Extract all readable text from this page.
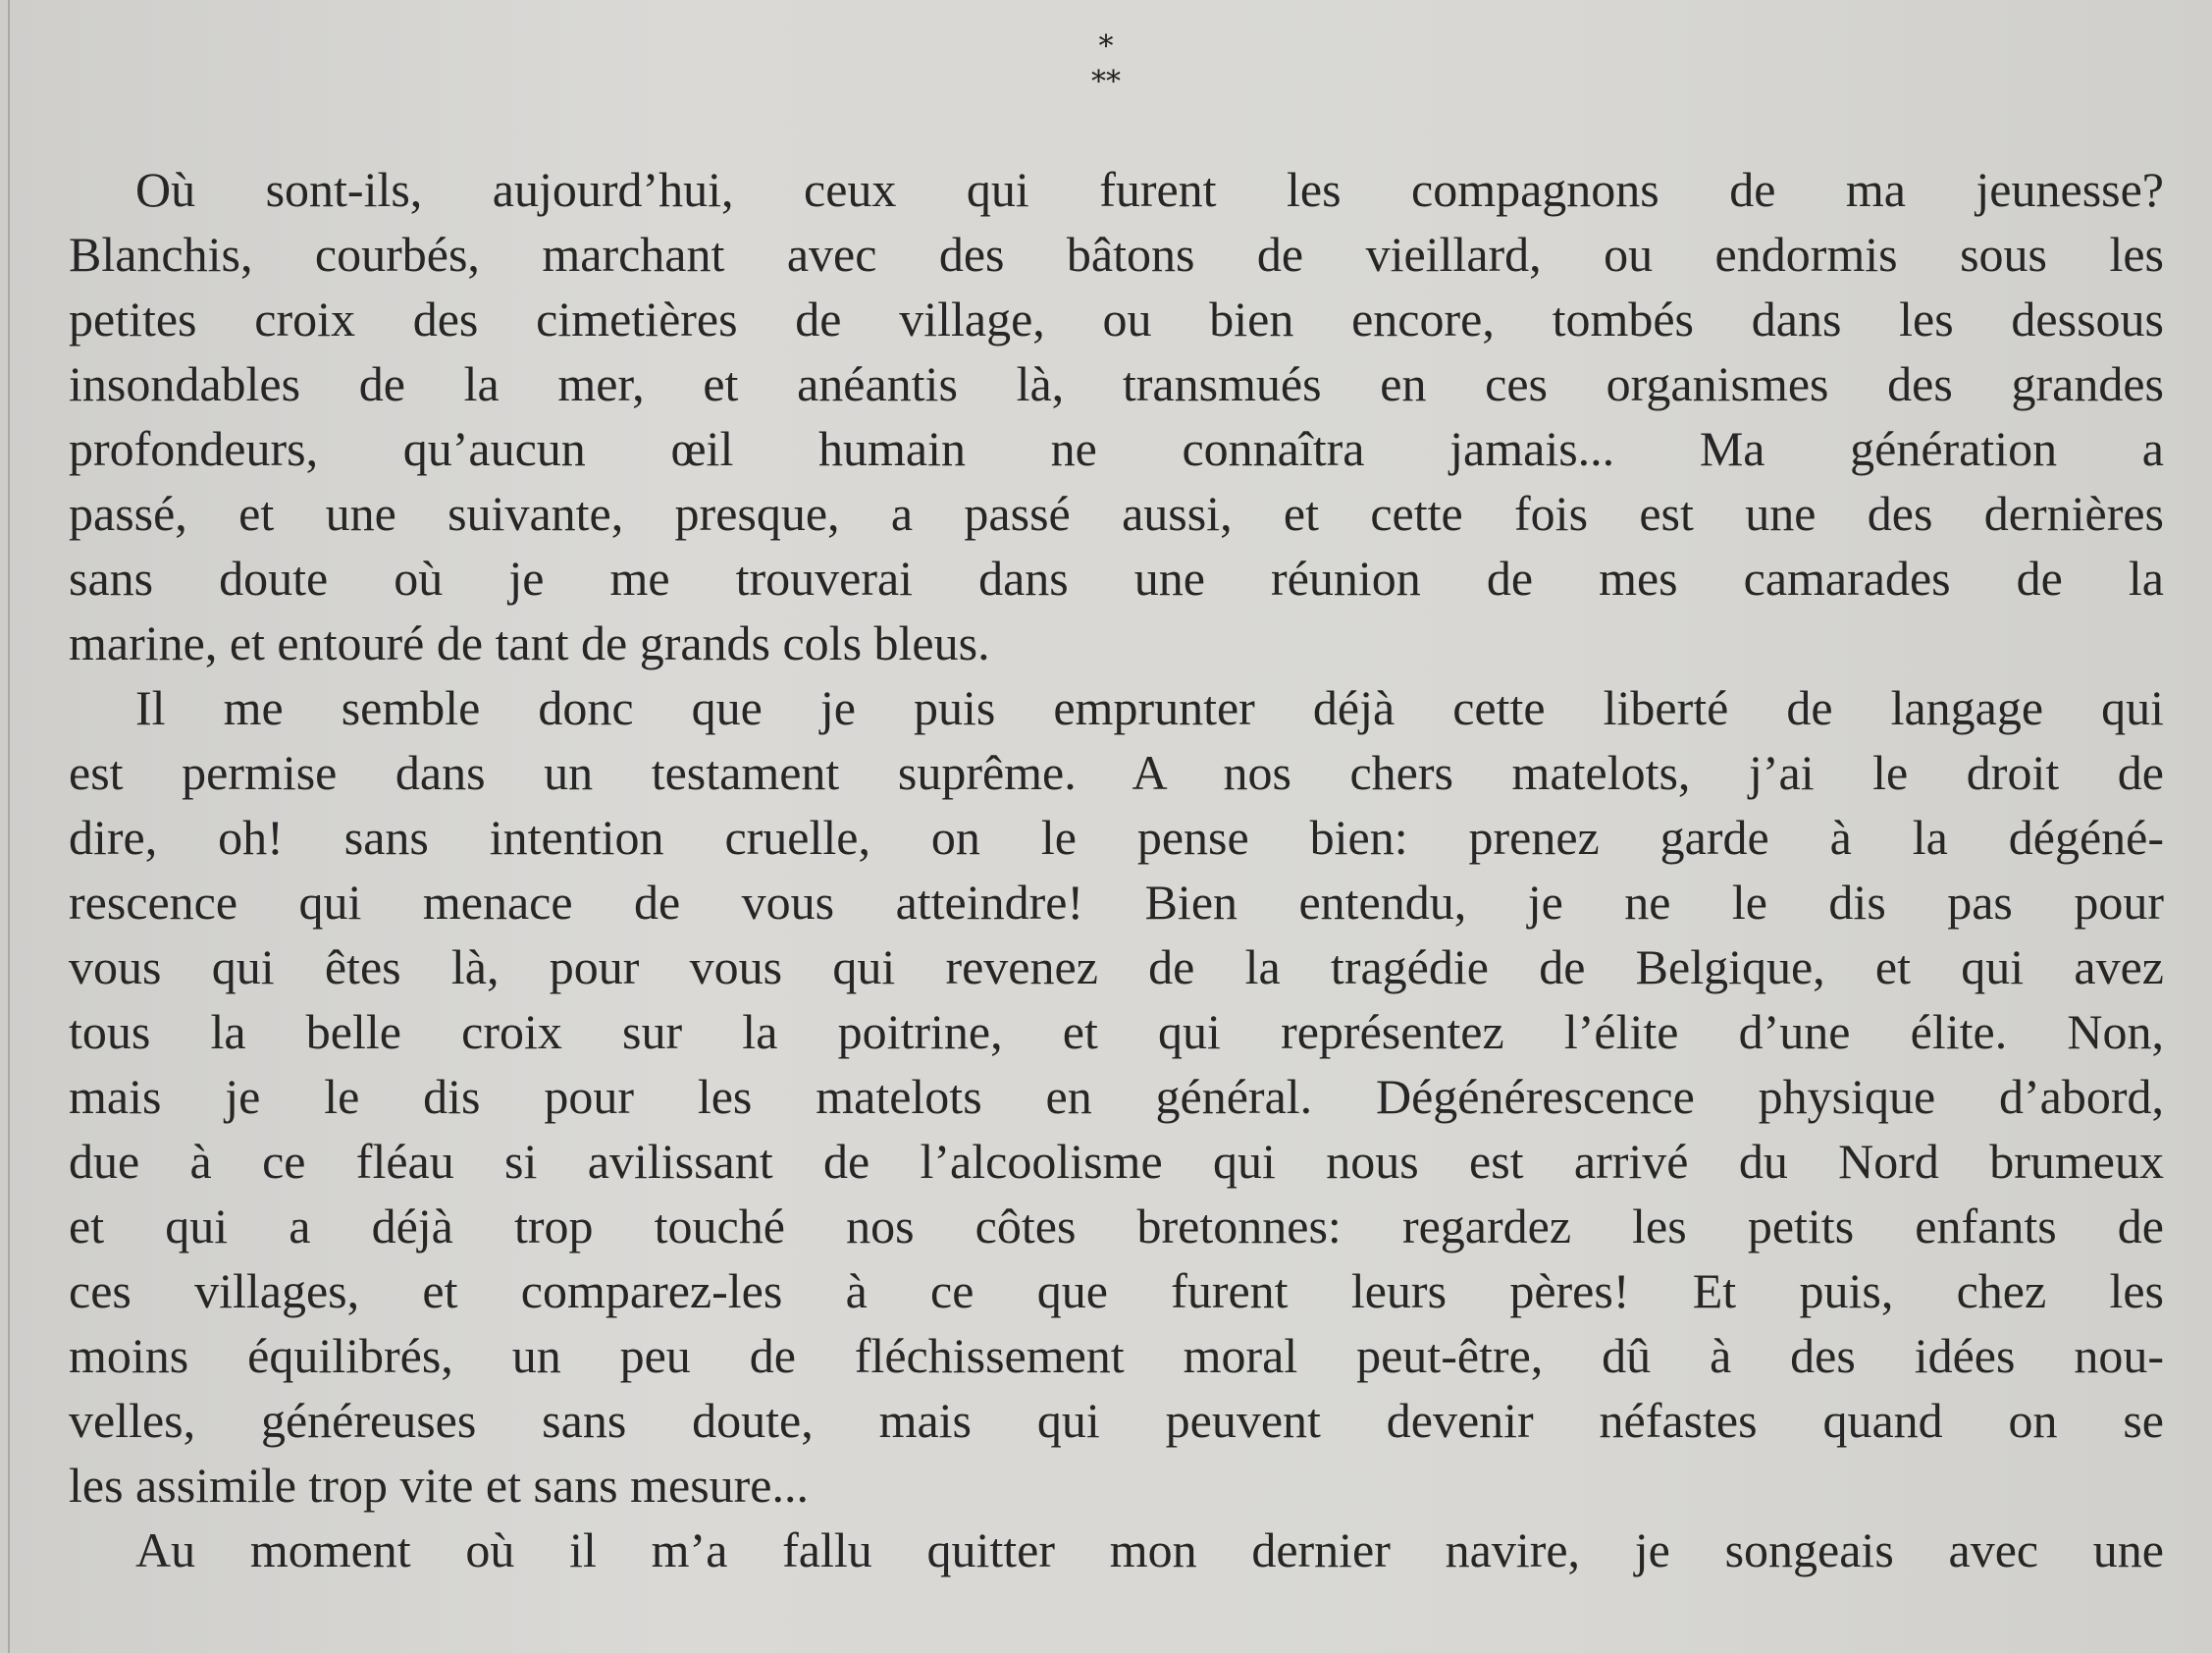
*
**
Où sont-ils, aujourd’hui, ceux qui furent les compagnons de ma jeunesse?
Blanchis, courbés, marchant avec des bâtons de vieillard, ou endormis sous les
petites croix des cimetières de village, ou bien encore, tombés dans les dessous
insondables de la mer, et anéantis là, transmués en ces organismes des grandes
profondeurs, qu’aucun œil humain ne connaîtra jamais... Ma génération a
passé, et une suivante, presque, a passé aussi, et cette fois est une des dernières
sans doute où je me trouverai dans une réunion de mes camarades de la
marine, et entouré de tant de grands cols bleus.
Il me semble donc que je puis emprunter déjà cette liberté de langage qui
est permise dans un testament suprême. A nos chers matelots, j’ai le droit de
dire, oh! sans intention cruelle, on le pense bien: prenez garde à la dégéné-
rescence qui menace de vous atteindre! Bien entendu, je ne le dis pas pour
vous qui êtes là, pour vous qui revenez de la tragédie de Belgique, et qui avez
tous la belle croix sur la poitrine, et qui représentez l’élite d’une élite. Non,
mais je le dis pour les matelots en général. Dégénérescence physique d’abord,
due à ce fléau si avilissant de l’alcoolisme qui nous est arrivé du Nord brumeux
et qui a déjà trop touché nos côtes bretonnes: regardez les petits enfants de
ces villages, et comparez-les à ce que furent leurs pères! Et puis, chez les
moins équilibrés, un peu de fléchissement moral peut-être, dû à des idées nou-
velles, généreuses sans doute, mais qui peuvent devenir néfastes quand on se
les assimile trop vite et sans mesure...
Au moment où il m’a fallu quitter mon dernier navire, je songeais avec une
